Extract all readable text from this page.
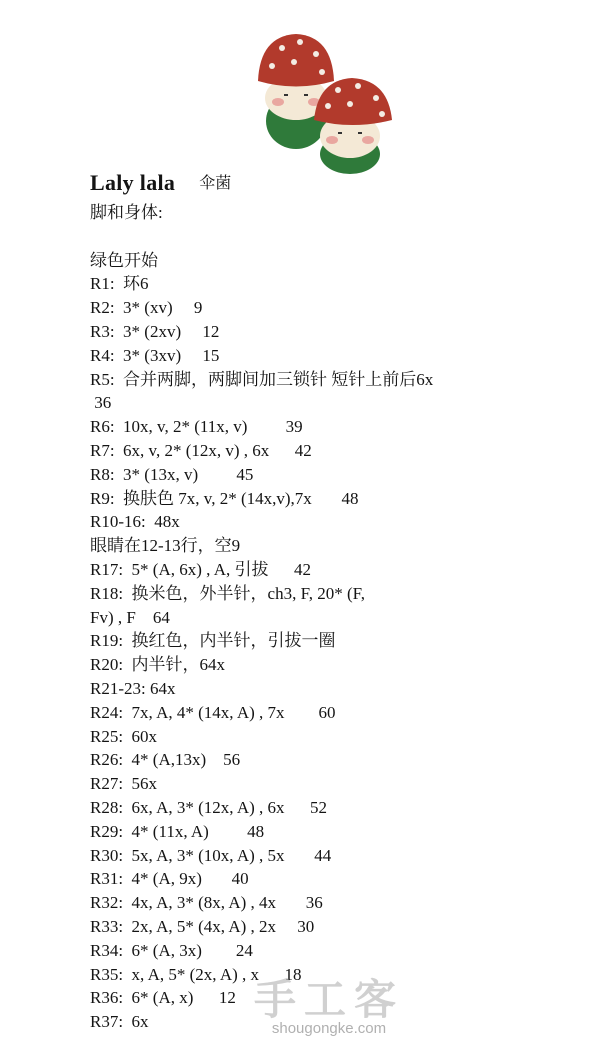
Laly lala 伞菌
脚和身体:

绿色开始
R1:  环6
R2:  3* (xv)     9
R3:  3* (2xv)     12
R4:  3* (3xv)     15
R5:  合并两脚，两脚间加三锁针 短针上前后6x
36
R6:  10x, v, 2* (11x, v)         39
R7:  6x, v, 2* (12x, v) , 6x      42
R8:  3* (13x, v)         45
R9:  换肤色 7x, v, 2* (14x,v),7x       48
R10-16:  48x
眼睛在12-13行，空9
R17:  5* (A, 6x) , A, 引拔      42
R18:  换米色，外半针，ch3, F, 20* (F,
Fv) , F    64
R19:  换红色，内半针，引拔一圈
R20:  内半针，64x
R21-23: 64x
R24:  7x, A, 4* (14x, A) , 7x        60
R25:  60x
R26:  4* (A,13x)    56
R27:  56x
R28:  6x, A, 3* (12x, A) , 6x      52
R29:  4* (11x, A)         48
R30:  5x, A, 3* (10x, A) , 5x       44
R31:  4* (A, 9x)       40
R32:  4x, A, 3* (8x, A) , 4x       36
R33:  2x, A, 5* (4x, A) , 2x     30
R34:  6* (A, 3x)        24
R35:  x, A, 5* (2x, A) , x      18
R36:  6* (A, x)      12
R37:  6x	手工客
shougongke.com
